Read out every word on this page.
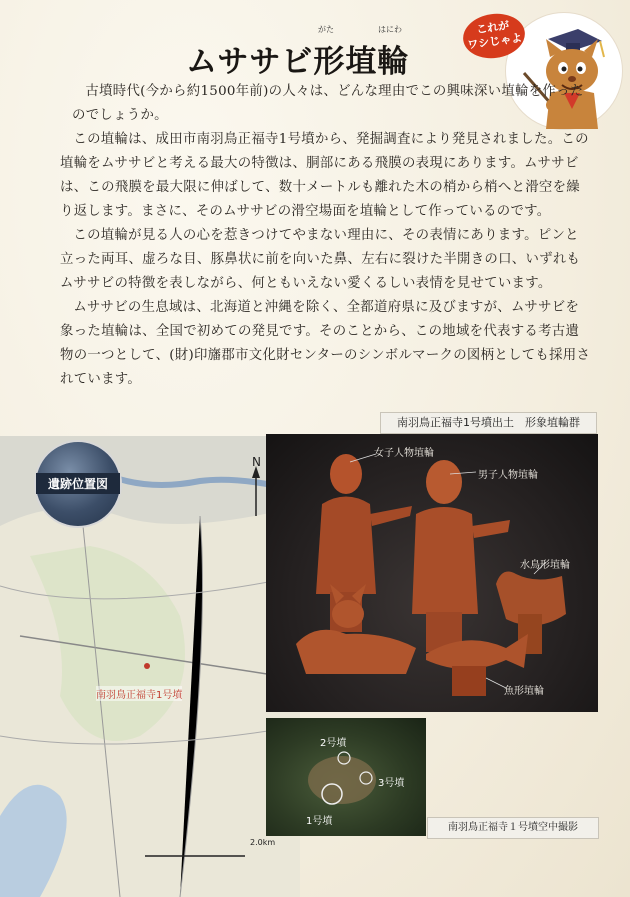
がた	はにわ
ムササビ形埴輪
これが
ワシじゃよ

古墳時代(今から約1500年前)の人々は、どんな理由でこの興味深い埴輪を作ったのでしょうか。

この埴輪は、成田市南羽鳥正福寺1号墳から、発掘調査により発見されました。この埴輪をムササビと考える最大の特徴は、胴部にある飛膜の表現にあります。ムササビは、この飛膜を最大限に伸ばして、数十メートルも離れた木の梢から梢へと滑空を繰り返します。まさに、そのムササビの滑空場面を埴輪として作っているのです。

この埴輪が見る人の心を惹きつけてやまない理由に、その表情にあります。ピンと立った両耳、虚ろな目、豚鼻状に前を向いた鼻、左右に裂けた半開きの口、いずれもムササビの特徴を表しながら、何ともいえない愛くるしい表情を見せています。

ムササビの生息域は、北海道と沖縄を除く、全都道府県に及びますが、ムササビを象った埴輪は、全国で初めての発見です。そのことから、この地域を代表する考古遺物の一つとして、(財)印旛郡市文化財センターのシンボルマークの図柄としても採用されています。

N
遺跡位置図
南羽鳥正福寺1号墳
2.0km
南羽鳥正福寺1号墳出土　形象埴輪群
女子人物埴輪
男子人物埴輪
水鳥形埴輪
魚形埴輪
2号墳
3号墳
1号墳
南羽鳥正福寺１号墳空中撮影
